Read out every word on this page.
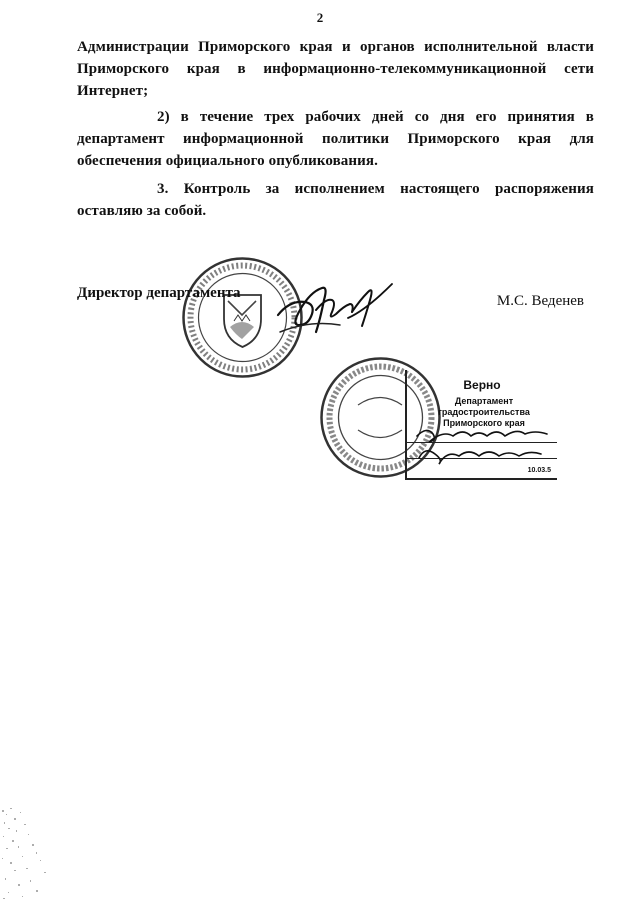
2

Администрации Приморского края и органов исполнительной власти Приморского края в информационно-телекоммуникационной сети Интернет;

2) в течение трех рабочих дней со дня его принятия в департамент информационной политики Приморского края для обеспечения официального опубликования.

3. Контроль за исполнением настоящего распоряжения оставляю за собой.

Директор департамента	М.С. Веденев
Верно
Департамент градостроительства Приморского края
10.03.5
